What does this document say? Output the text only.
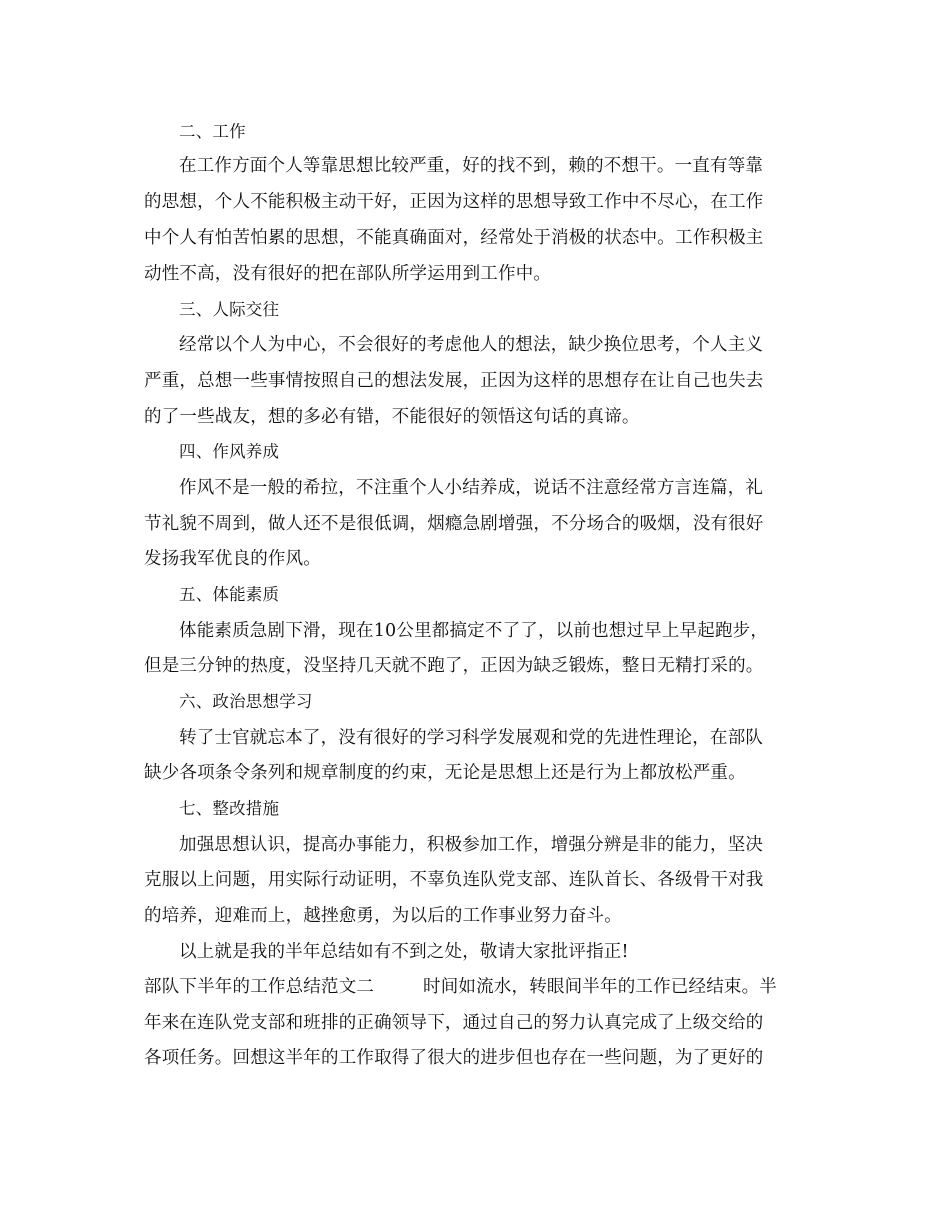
二、工作
在工作方面个人等靠思想比较严重，好的找不到，赖的不想干。一直有等靠
的思想，个人不能积极主动干好，正因为这样的思想导致工作中不尽心，在工作
中个人有怕苦怕累的思想，不能真确面对，经常处于消极的状态中。工作积极主
动性不高，没有很好的把在部队所学运用到工作中。
三、人际交往
经常以个人为中心，不会很好的考虑他人的想法，缺少换位思考，个人主义
严重，总想一些事情按照自己的想法发展，正因为这样的思想存在让自己也失去
的了一些战友，想的多必有错，不能很好的领悟这句话的真谛。
四、作风养成
作风不是一般的希拉，不注重个人小结养成，说话不注意经常方言连篇，礼
节礼貌不周到，做人还不是很低调，烟瘾急剧增强，不分场合的吸烟，没有很好
发扬我军优良的作风。
五、体能素质
体能素质急剧下滑，现在10公里都搞定不了了，以前也想过早上早起跑步，
但是三分钟的热度，没坚持几天就不跑了，正因为缺乏锻炼，整日无精打采的。
六、政治思想学习
转了士官就忘本了，没有很好的学习科学发展观和党的先进性理论，在部队
缺少各项条令条列和规章制度的约束，无论是思想上还是行为上都放松严重。
七、整改措施
加强思想认识，提高办事能力，积极参加工作，增强分辨是非的能力，坚决
克服以上问题，用实际行动证明，不辜负连队党支部、连队首长、各级骨干对我
的培养，迎难而上，越挫愈勇，为以后的工作事业努力奋斗。
以上就是我的半年总结如有不到之处，敬请大家批评指正!
部队下半年的工作总结范文二	时间如流水，转眼间半年的工作已经结束。半
年来在连队党支部和班排的正确领导下，通过自己的努力认真完成了上级交给的
各项任务。回想这半年的工作取得了很大的进步但也存在一些问题，为了更好的
